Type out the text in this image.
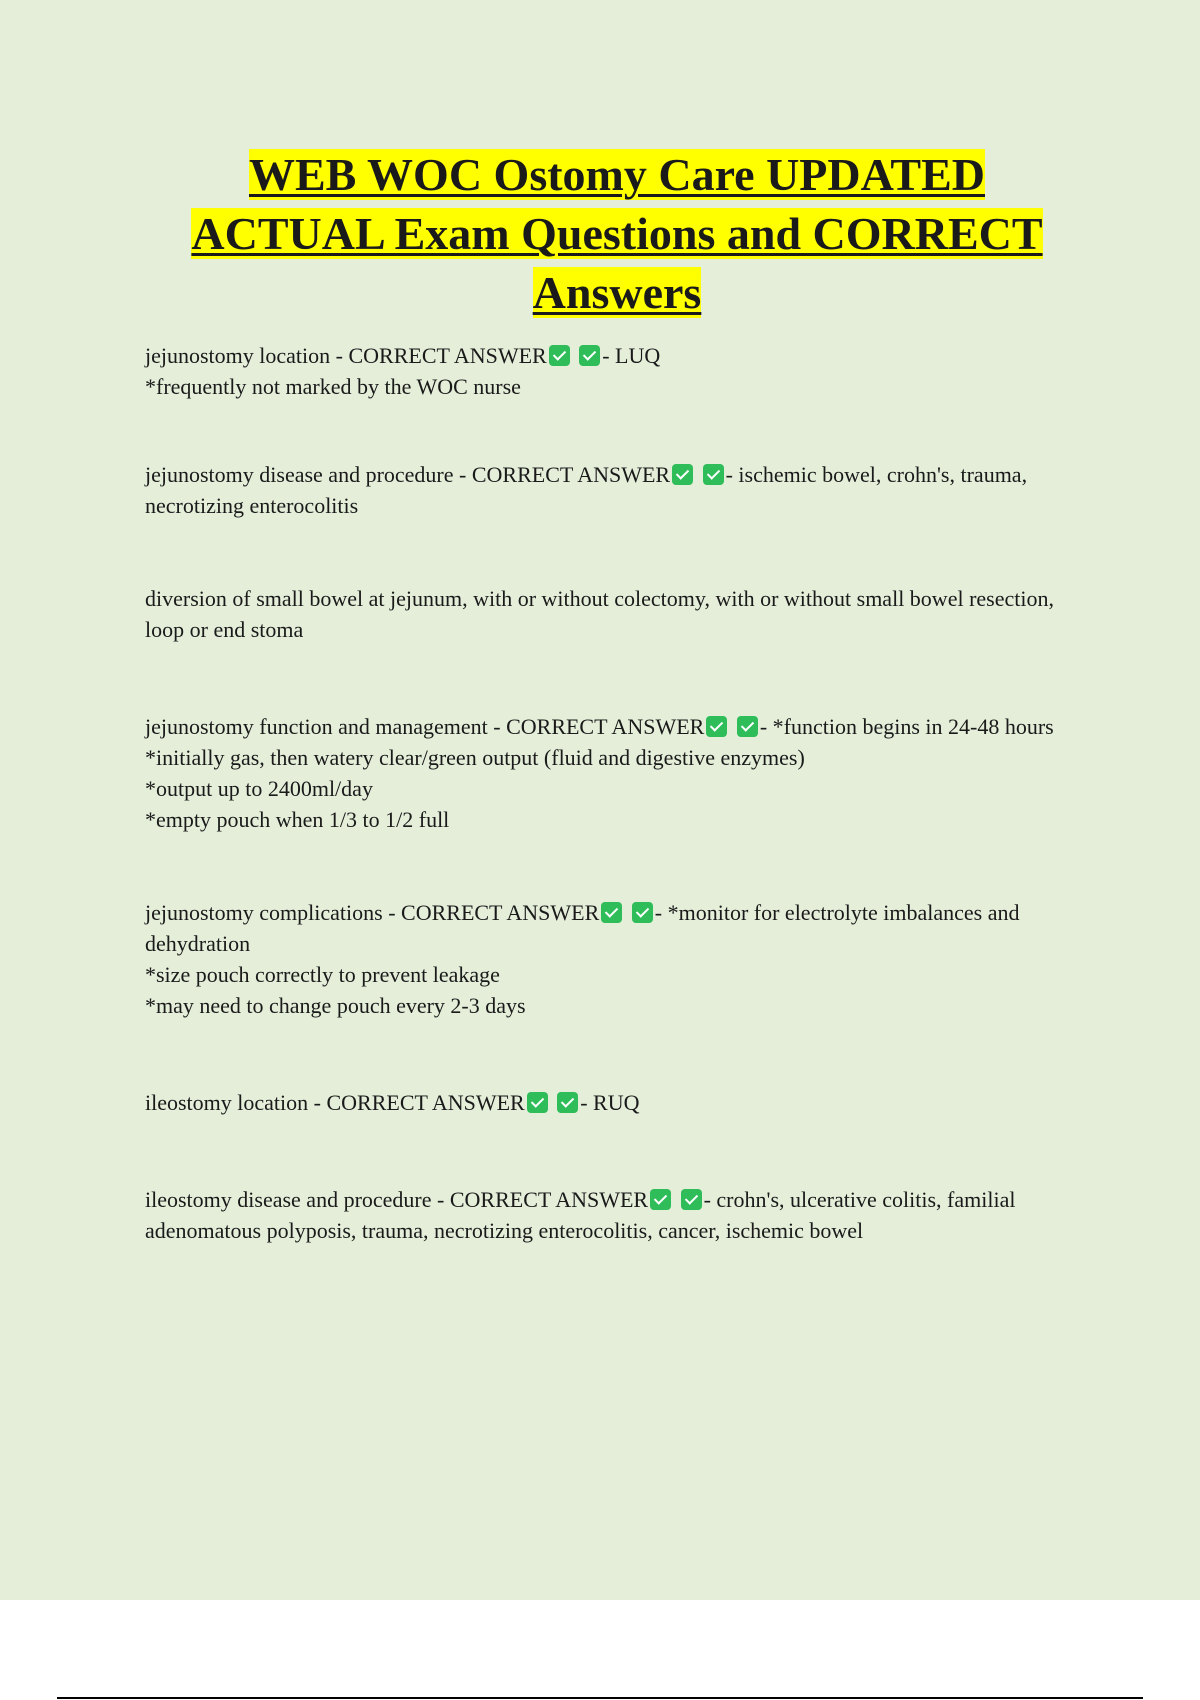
WEB WOC Ostomy Care UPDATED
ACTUAL Exam Questions and CORRECT
Answers

jejunostomy location - CORRECT ANSWER	- LUQ

*frequently not marked by the WOC nurse

jejunostomy disease and procedure - CORRECT ANSWER	- ischemic bowel, crohn's, trauma, necrotizing enterocolitis

diversion of small bowel at jejunum, with or without colectomy, with or without small bowel resection, loop or end stoma

jejunostomy function and management - CORRECT ANSWER	- *function begins in 24-48 hours

*initially gas, then watery clear/green output (fluid and digestive enzymes)

*output up to 2400ml/day

*empty pouch when 1/3 to 1/2 full

jejunostomy complications - CORRECT ANSWER	- *monitor for electrolyte imbalances and dehydration

*size pouch correctly to prevent leakage

*may need to change pouch every 2-3 days

ileostomy location - CORRECT ANSWER	- RUQ

ileostomy disease and procedure - CORRECT ANSWER	- crohn's, ulcerative colitis, familial adenomatous polyposis, trauma, necrotizing enterocolitis, cancer, ischemic bowel
